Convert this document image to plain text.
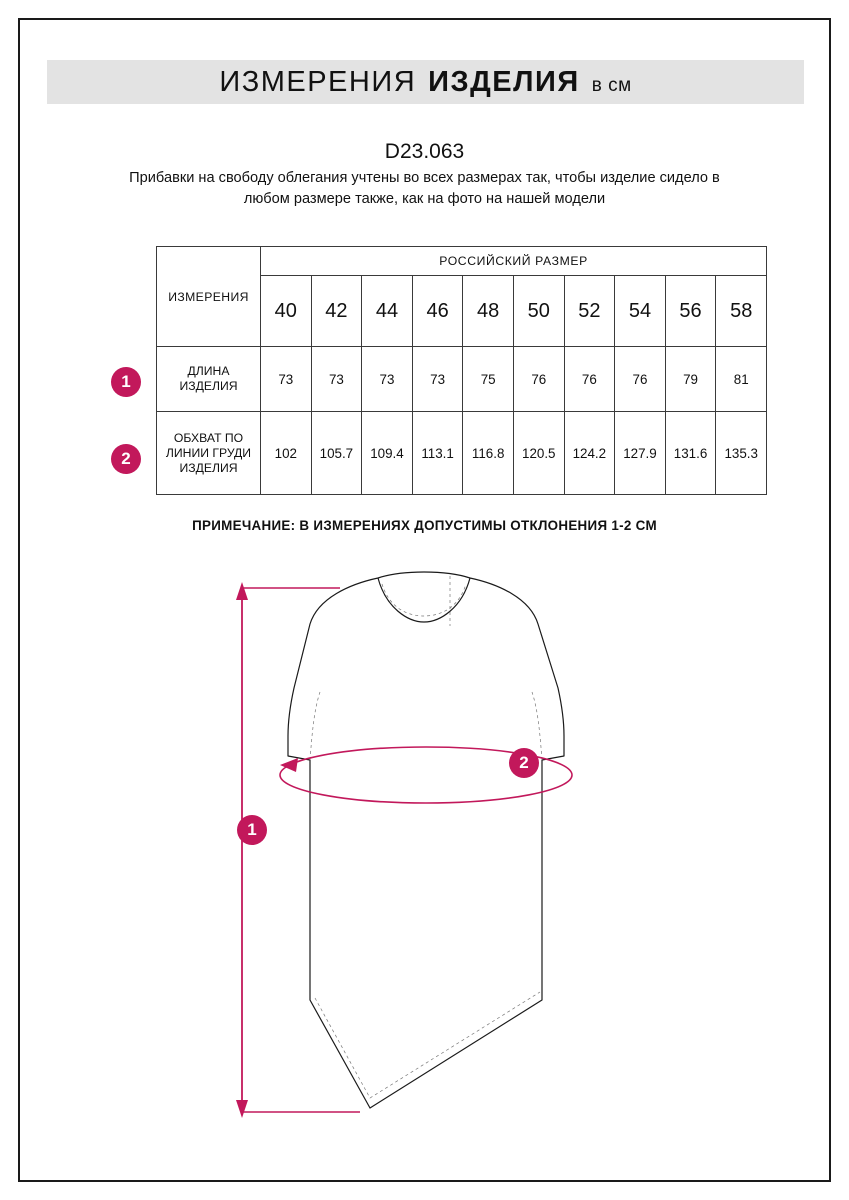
ИЗМЕРЕНИЯ ИЗДЕЛИЯ в см
D23.063
Прибавки на свободу облегания учтены во всех размерах так, чтобы изделие сидело в любом размере также, как на фото на нашей модели
ИЗМЕРЕНИЯ	РОССИЙСКИЙ РАЗМЕР									
	40	42	44	46	48	50	52	54	56	58
ДЛИНА ИЗДЕЛИЯ	73	73	73	73	75	76	76	76	79	81
ОБХВАТ ПО ЛИНИИ ГРУДИ ИЗДЕЛИЯ	102	105.7	109.4	113.1	116.8	120.5	124.2	127.9	131.6	135.3
1
2
ПРИМЕЧАНИЕ: В ИЗМЕРЕНИЯХ ДОПУСТИМЫ ОТКЛОНЕНИЯ 1-2 СМ
1
2
